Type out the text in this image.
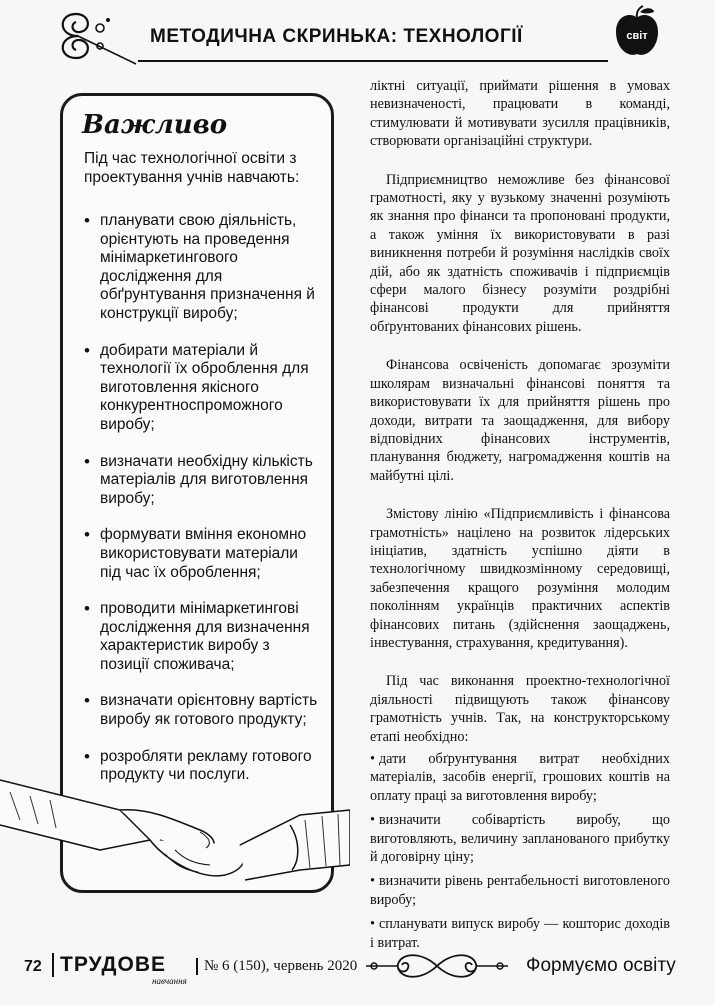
МЕТОДИЧНА СКРИНЬКА: ТЕХНОЛОГІЇ	світ
Важливо
Під час технологічної освіти з проектування учнів навчають:
• планувати свою діяльність, орієнтують на проведення мінімаркетингового дослідження для обґрунтування призначення й конструкції виробу;
• добирати матеріали й технології їх оброблення для виготовлення якісного конкурентноспроможного виробу;
• визначати необхідну кількість матеріалів для виготовлення виробу;
• формувати вміння економно використовувати матеріали під час їх оброблення;
• проводити мінімаркетингові дослідження для визначення характеристик виробу з позиції споживача;
• визначати орієнтовну вартість виробу як готового продукту;
• розробляти рекламу готового продукту чи послуги.

ліктні ситуації, приймати рішення в умовах невизначеності, працювати в команді, стимулювати й мотивувати зусилля працівників, створювати організаційні структури.

Підприємництво неможливе без фінансової грамотності, яку у вузькому значенні розуміють як знання про фінанси та пропоновані продукти, а також уміння їх використовувати в разі виникнення потреби й розуміння наслідків своїх дій, або як здатність споживачів і підприємців сфери малого бізнесу розуміти роздрібні фінансові продукти для прийняття обґрунтованих фінансових рішень.

Фінансова освіченість допомагає зрозуміти школярам визначальні фінансові поняття та використовувати їх для прийняття рішень про доходи, витрати та заощадження, для вибору відповідних фінансових інструментів, планування бюджету, нагромадження коштів на майбутні цілі.

Змістову лінію «Підприємливість і фінансова грамотність» націлено на розвиток лідерських ініціатив, здатність успішно діяти в технологічному швидкозмінному середовищі, забезпечення кращого розуміння молодим поколінням українців практичних аспектів фінансових питань (здійснення заощаджень, інвестування, страхування, кредитування).

Під час виконання проектно-технологічної діяльності підвищують також фінансову грамотність учнів. Так, на конструкторському етапі необхідно:

• дати обґрунтування витрат необхідних матеріалів, засобів енергії, грошових коштів на оплату праці за виготовлення виробу;

• визначити собівартість виробу, що виготовляють, величину запланованого прибутку й договірну ціну;

• визначити рівень рентабельності виготовленого виробу;

• спланувати випуск виробу — кошторис доходів і витрат.

72 ТРУДОВЕ
навчання
№ 6 (150), червень 2020	Формуємо освіту
